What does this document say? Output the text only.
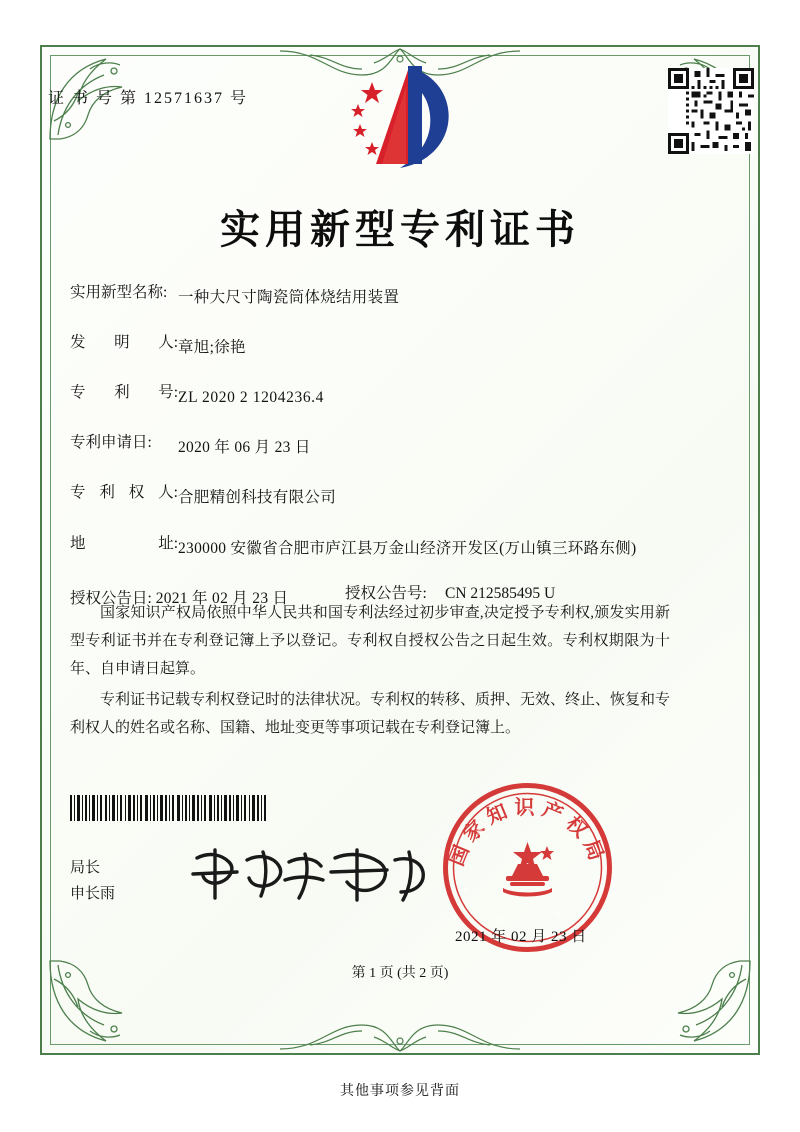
证 书 号 第 12571637 号
实用新型专利证书
实用新型名称: 一种大尺寸陶瓷筒体烧结用装置
发 明 人: 章旭;徐艳
专 利 号: ZL 2020 2 1204236.4
专利申请日:	2020 年 06 月 23 日
专 利 权 人: 合肥精创科技有限公司
地	址: 230000 安徽省合肥市庐江县万金山经济开发区(万山镇三环路东侧)
授权公告日: 2021 年 02 月 23 日	授权公告号:	CN 212585495 U

国家知识产权局依照中华人民共和国专利法经过初步审查,决定授予专利权,颁发实用新型专利证书并在专利登记簿上予以登记。专利权自授权公告之日起生效。专利权期限为十年、自申请日起算。

专利证书记载专利权登记时的法律状况。专利权的转移、质押、无效、终止、恢复和专利权人的姓名或名称、国籍、地址变更等事项记载在专利登记簿上。

局长
申长雨
国家知识产权局
2021 年 02 月 23 日
第 1 页 (共 2 页)
其他事项参见背面
